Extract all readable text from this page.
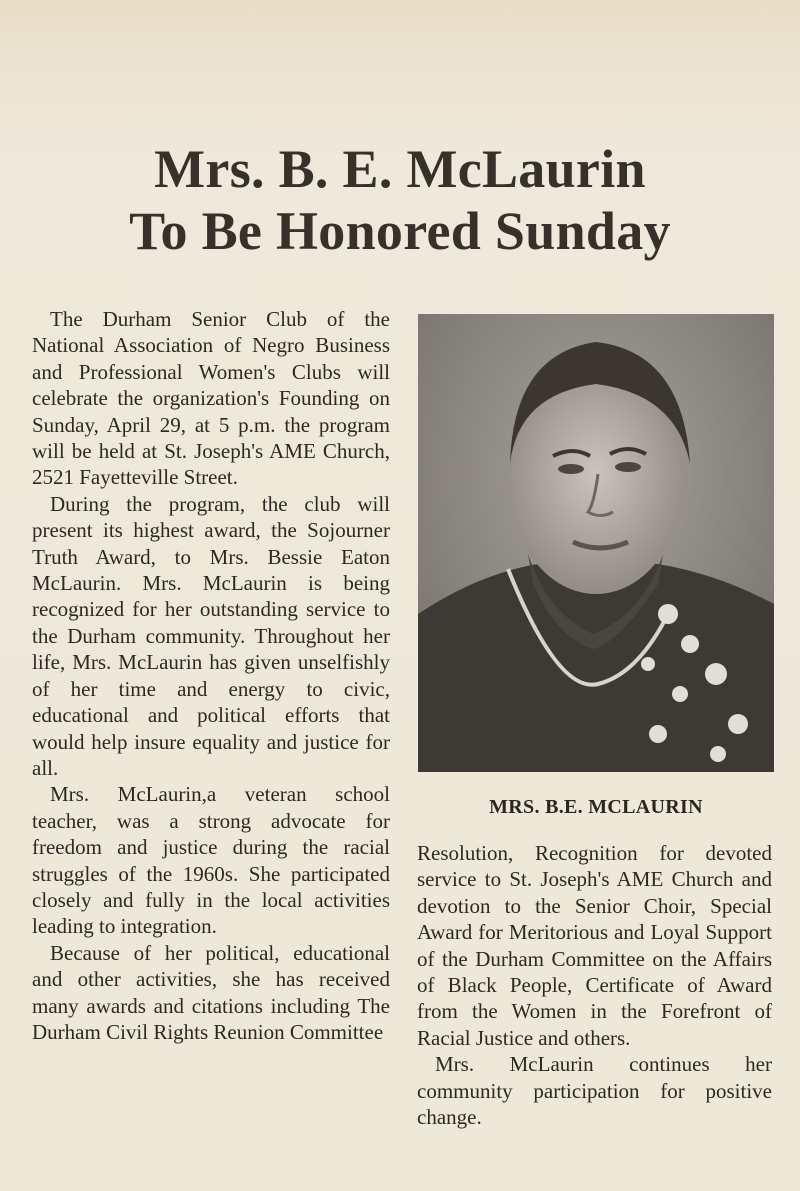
Mrs. B. E. McLaurin
To Be Honored Sunday

The Durham Senior Club of the National Association of Negro Business and Professional Women's Clubs will celebrate the organization's Founding on Sunday, April 29, at 5 p.m. the program will be held at St. Joseph's AME Church, 2521 Fayetteville Street.

During the program, the club will present its highest award, the Sojourner Truth Award, to Mrs. Bessie Eaton McLaurin. Mrs. McLaurin is being recognized for her outstanding service to the Durham community. Throughout her life, Mrs. McLaurin has given unselfishly of her time and energy to civic, educational and political efforts that would help insure equality and justice for all.

Mrs. McLaurin,a veteran school teacher, was a strong advocate for freedom and justice during the racial struggles of the 1960s. She participated closely and fully in the local activities leading to integration.

Because of her political, educational and other activities, she has received many awards and citations including The Durham Civil Rights Reunion Committee

MRS. B.E. MCLAURIN

Resolution, Recognition for devoted service to St. Joseph's AME Church and devotion to the Senior Choir, Special Award for Meritorious and Loyal Support of the Durham Committee on the Affairs of Black People, Certificate of Award from the Women in the Forefront of Racial Justice and others.

Mrs. McLaurin continues her community participation for positive change.
